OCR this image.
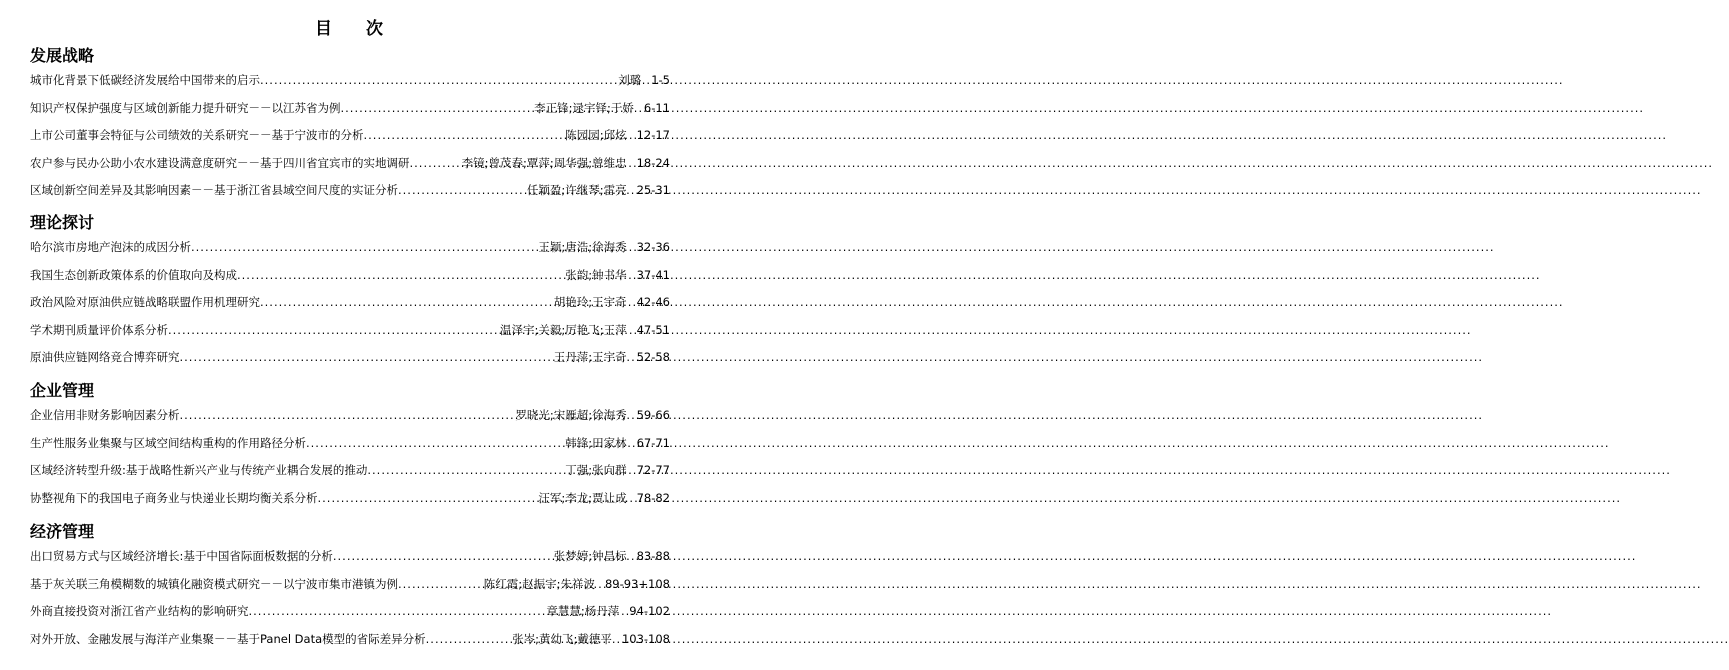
目 次
发展战略
城市化背景下低碳经济发展给中国带来的启示 .....	刘璐 1-5
知识产权保护强度与区域创新能力提升研究－－以江苏省为例 .....	李正锋;逯宇铎;于娇 6-11
上市公司董事会特征与公司绩效的关系研究－－基于宁波市的分析 .....	陈园园;邱炫 12-17
农户参与民办公助小农水建设满意度研究－－基于四川省宜宾市的实地调研 .....	李镜;曾茂春;覃萍;周华强;曾维忠 18-24
区域创新空间差异及其影响因素－－基于浙江省县域空间尺度的实证分析 .....	任颖盈;许继琴;雷亮 25-31
理论探讨
哈尔滨市房地产泡沫的成因分析 .....	王颖;唐浩;徐海秀 32-36
我国生态创新政策体系的价值取向及构成 .....	张韵;钟书华 37-41
政治风险对原油供应链战略联盟作用机理研究 .....	胡艳玲;王宇奇 42-46
学术期刊质量评价体系分析 .....	温泽宇;关毅;厉艳飞;王萍 47-51
原油供应链网络竞合博弈研究 .....	王丹萍;王宇奇 52-58
企业管理
企业信用非财务影响因素分析 .....	罗晓光;宋雁超;徐海秀 59-66
生产性服务业集聚与区域空间结构重构的作用路径分析 .....	韩锋;田家林 67-71
区域经济转型升级:基于战略性新兴产业与传统产业耦合发展的推动 .....	丁强;张向群 72-77
协整视角下的我国电子商务业与快递业长期均衡关系分析 .....	汪军;李龙;贾让成 78-82
经济管理
出口贸易方式与区域经济增长:基于中国省际面板数据的分析 .....	张梦婷;钟昌标 83-88
基于灰关联三角模糊数的城镇化融资模式研究－－以宁波市集市港镇为例 .....	陈红霞;赵振宇;朱祥波 89-93+108
外商直接投资对浙江省产业结构的影响研究 .....	章慧慧;杨丹萍 94-102
对外开放、金融发展与海洋产业集聚－－基于Panel Data模型的省际差异分析 .....	张岑;黄幼飞;戴德平 103-108
